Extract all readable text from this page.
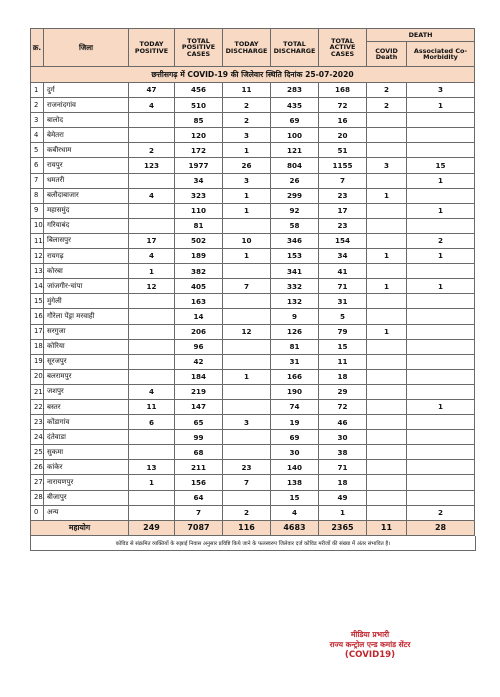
छत्तीसगढ़ में COVID-19 की जिलेवार स्थिति दिनांक 25-07-2020								
क्र.	जिला	TODAY POSITIVE	TOTAL POSITIVE CASES	TODAY DISCHARGE	TOTAL DISCHARGE	TOTAL ACTIVE CASES	DEATH	
							COVID Death	Associated Co-Morbidity
1	दुर्ग	47	456	11	283	168	2	3
2	राजनांदगांव	4	510	2	435	72	2	1
3	बालोद		85	2	69	16		
4	बेमेतरा		120	3	100	20		
5	कबीरधाम	2	172	1	121	51		
6	रायपुर	123	1977	26	804	1155	3	15
7	धमतरी		34	3	26	7		1
8	बलौदाबाजार	4	323	1	299	23	1	
9	महासमुंद		110	1	92	17		1
10.	गरियाबंद		81		58	23		
11.	बिलासपुर	17	502	10	346	154		2
12.	रायगढ़	4	189	1	153	34	1	1
13.	कोरबा	1	382		341	41		
14.	जांजगीर-चांपा	12	405	7	332	71	1	1
15.	मुंगेली		163		132	31		
16.	गौरेला पेंड्रा मरवाही		14		9	5		
17.	सरगुजा		206	12	126	79	1	
18.	कोरिया		96		81	15		
19.	सूरजपुर		42		31	11		
20.	बलरामपुर		184	1	166	18		
21.	जशपुर	4	219		190	29		
22.	बस्तर	11	147		74	72		1
23.	कोंडागांव	6	65	3	19	46		
24.	दंतेवाडा		99		69	30		
25.	सुकमा		68		30	38		
26.	कांकेर	13	211	23	140	71		
27.	नारायणपुर	1	156	7	138	18		
28.	बीजापुर		64		15	49		
0	अन्य		7	2	4	1		2
महायोग		249	7087	116	4683	2365	11	28
कोविड से संक्रमित व्यक्तियों के रुझाई निवास अनुसार प्रविष्टि किये जाने के फलस्वरुप जिलेवार दर्ज कोविड मरीजों की संख्या में अंतर संभावित है।
मीडिया प्रभारी
राज्य कन्ट्रोल एन्ड कमांड सेंटर
(COVID19)
